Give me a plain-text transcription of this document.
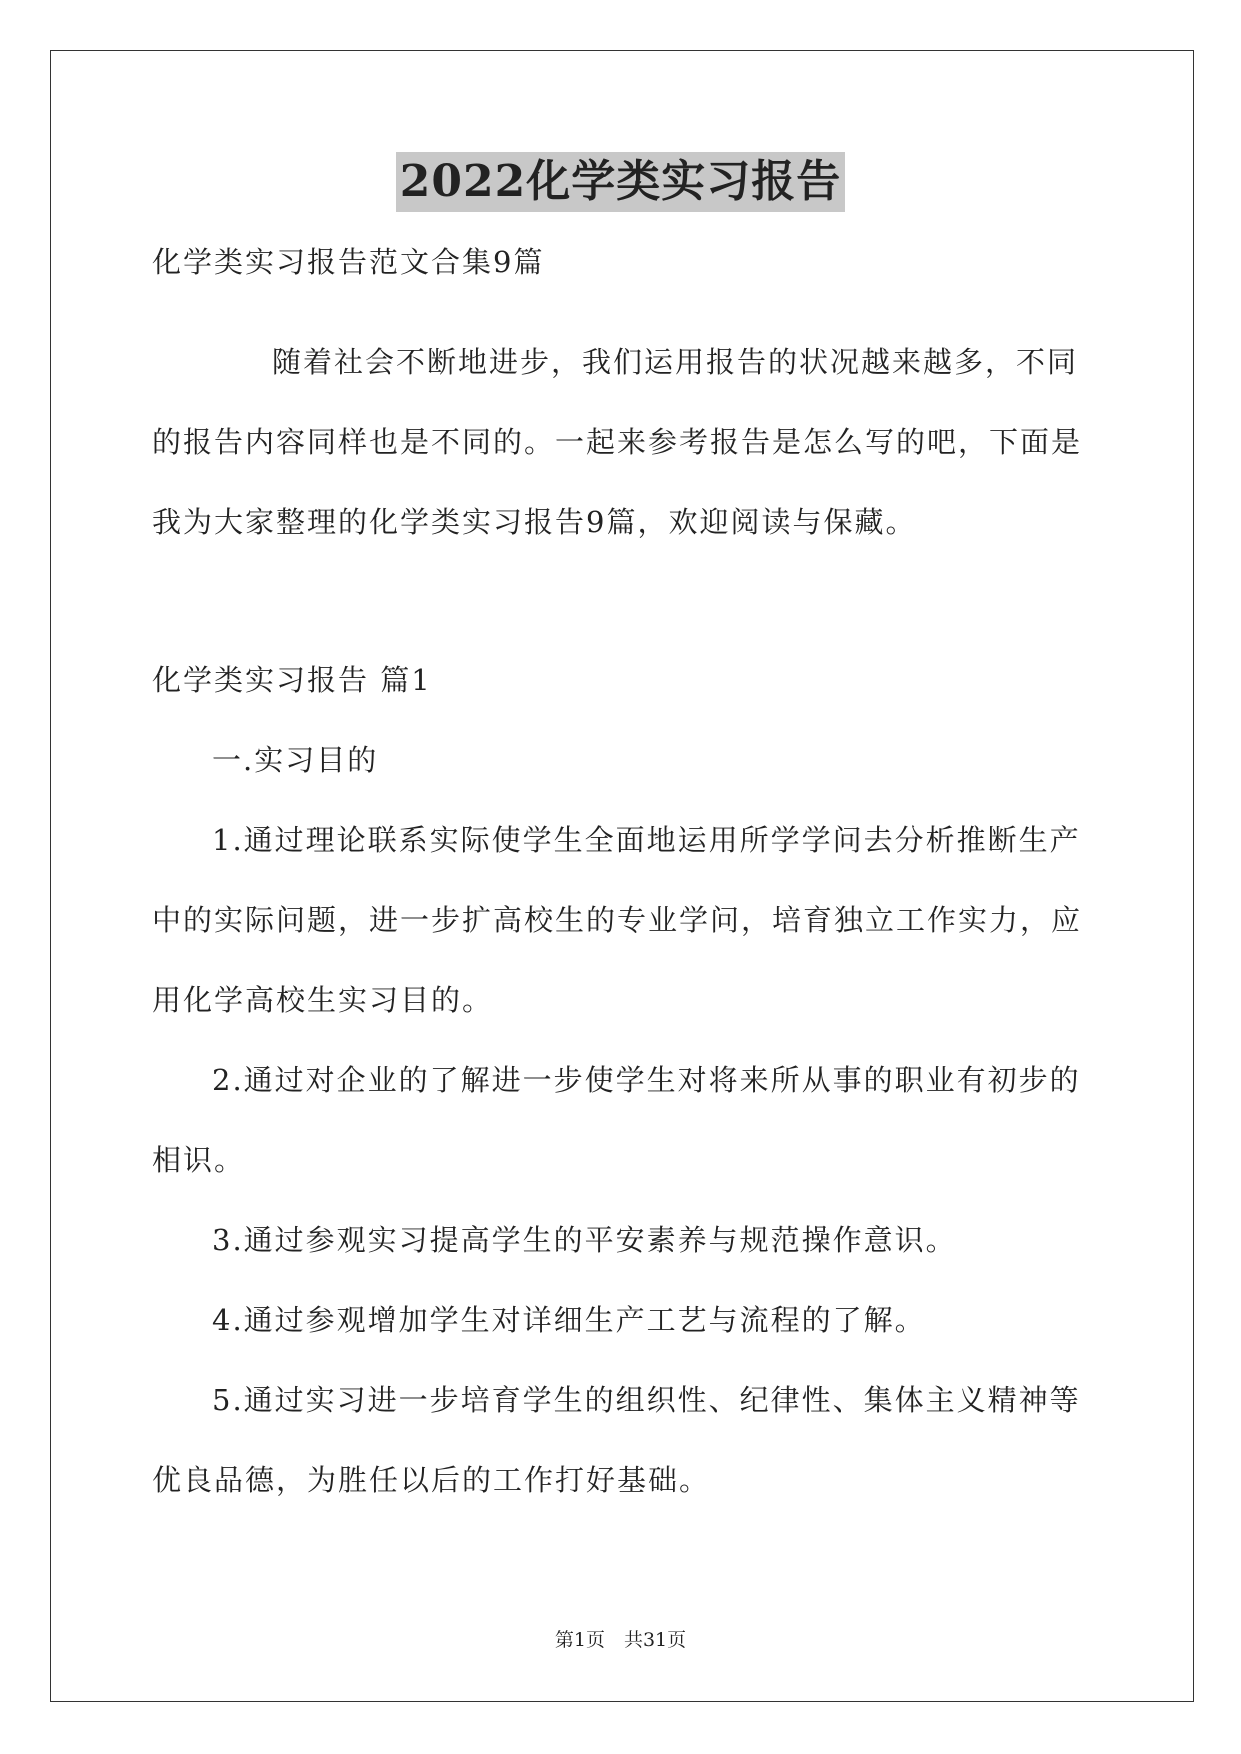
2022化学类实习报告
化学类实习报告范文合集9篇
随着社会不断地进步，我们运用报告的状况越来越多，不同
的报告内容同样也是不同的。一起来参考报告是怎么写的吧，下面是
我为大家整理的化学类实习报告9篇，欢迎阅读与保藏。
化学类实习报告 篇1
一.实习目的
1.通过理论联系实际使学生全面地运用所学学问去分析推断生产
中的实际问题，进一步扩高校生的专业学问，培育独立工作实力，应
用化学高校生实习目的。
2.通过对企业的了解进一步使学生对将来所从事的职业有初步的
相识。
3.通过参观实习提高学生的平安素养与规范操作意识。
4.通过参观增加学生对详细生产工艺与流程的了解。
5.通过实习进一步培育学生的组织性、纪律性、集体主义精神等
优良品德，为胜任以后的工作打好基础。
第1页　共31页
